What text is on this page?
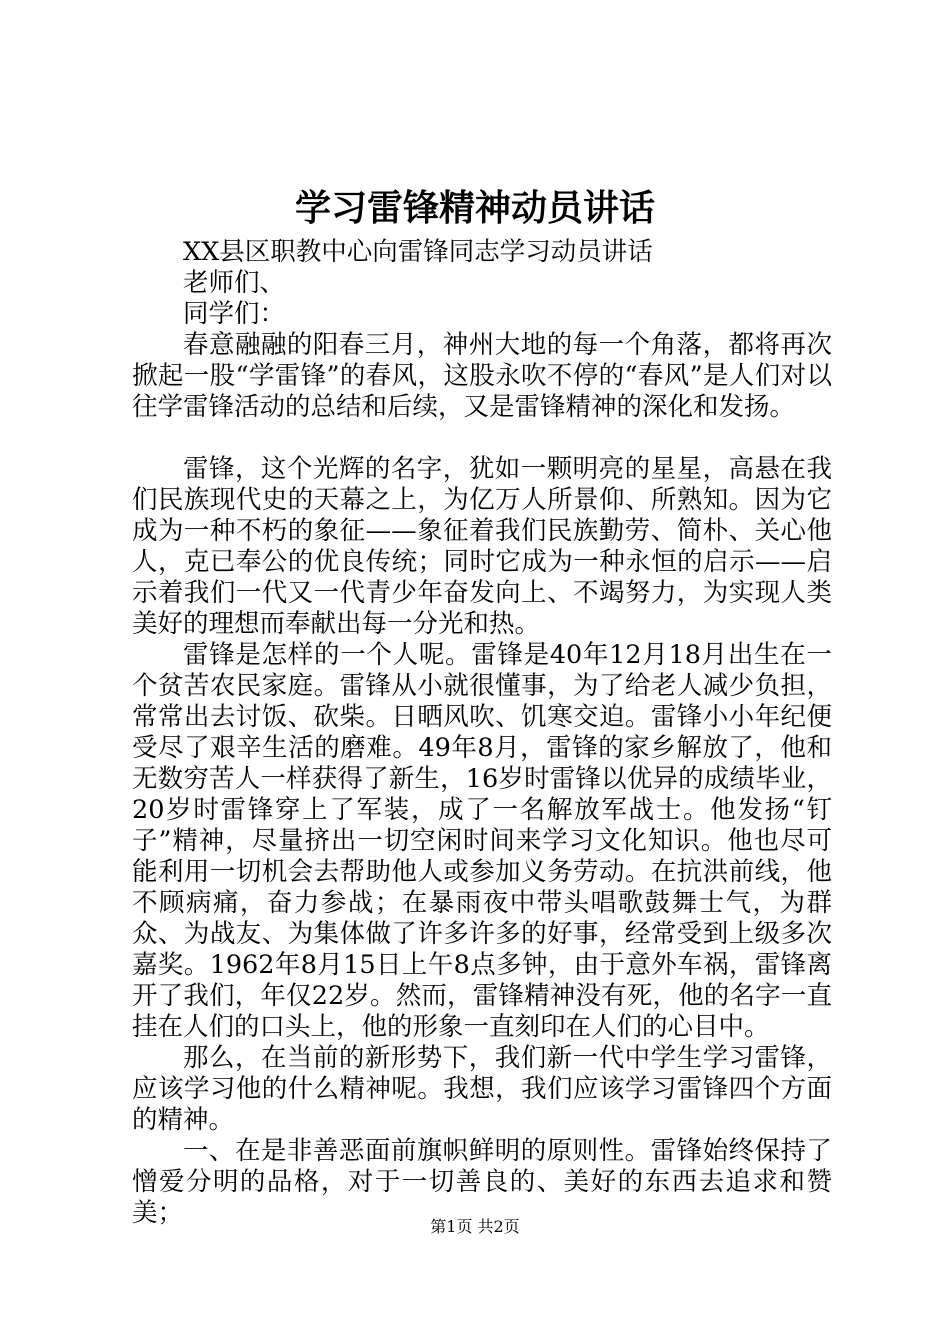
学习雷锋精神动员讲话

XX县区职教中心向雷锋同志学习动员讲话

老师们、

同学们：

春意融融的阳春三月，神州大地的每一个角落，都将再次掀起一股“学雷锋”的春风，这股永吹不停的“春风”是人们对以往学雷锋活动的总结和后续，又是雷锋精神的深化和发扬。

雷锋，这个光辉的名字，犹如一颗明亮的星星，高悬在我们民族现代史的天幕之上，为亿万人所景仰、所熟知。因为它成为一种不朽的象征——象征着我们民族勤劳、简朴、关心他人，克已奉公的优良传统；同时它成为一种永恒的启示——启示着我们一代又一代青少年奋发向上、不竭努力，为实现人类美好的理想而奉献出每一分光和热。

雷锋是怎样的一个人呢。雷锋是40年12月18月出生在一个贫苦农民家庭。雷锋从小就很懂事，为了给老人减少负担，常常出去讨饭、砍柴。日晒风吹、饥寒交迫。雷锋小小年纪便受尽了艰辛生活的磨难。49年8月，雷锋的家乡解放了，他和无数穷苦人一样获得了新生，16岁时雷锋以优异的成绩毕业，20岁时雷锋穿上了军装，成了一名解放军战士。他发扬“钉子”精神，尽量挤出一切空闲时间来学习文化知识。他也尽可能利用一切机会去帮助他人或参加义务劳动。在抗洪前线，他不顾病痛，奋力参战；在暴雨夜中带头唱歌鼓舞士气，为群众、为战友、为集体做了许多许多的好事，经常受到上级多次嘉奖。1962年8月15日上午8点多钟，由于意外车祸，雷锋离开了我们，年仅22岁。然而，雷锋精神没有死，他的名字一直挂在人们的口头上，他的形象一直刻印在人们的心目中。

那么，在当前的新形势下，我们新一代中学生学习雷锋，应该学习他的什么精神呢。我想，我们应该学习雷锋四个方面的精神。

一、在是非善恶面前旗帜鲜明的原则性。雷锋始终保持了憎爱分明的品格，对于一切善良的、美好的东西去追求和赞美；	第1页 共2页
